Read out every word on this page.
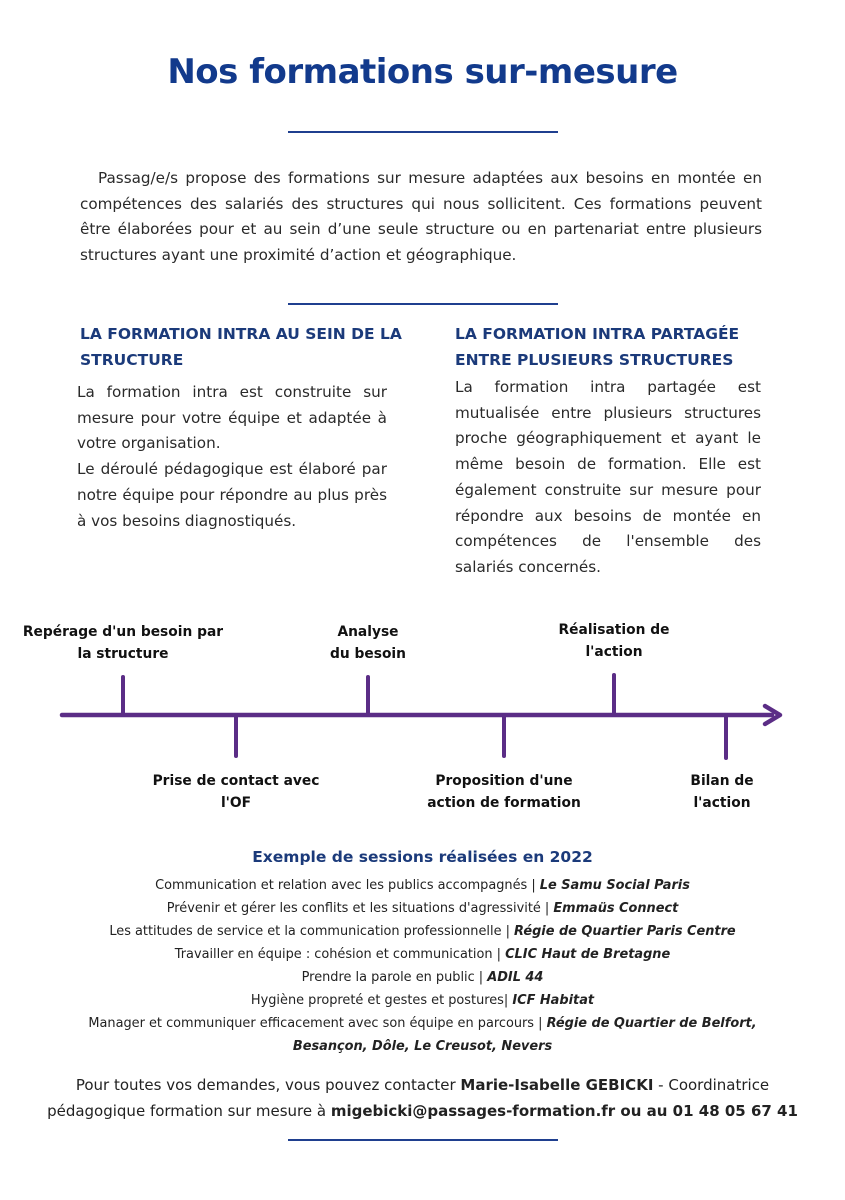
Nos formations sur-mesure

Passag/e/s propose des formations sur mesure adaptées aux besoins en montée en compétences des salariés des structures qui nous sollicitent. Ces formations peuvent être élaborées pour et au sein d’une seule structure ou en partenariat entre plusieurs structures ayant une proximité d’action et géographique.

LA FORMATION INTRA AU SEIN DE LA
STRUCTURE

La formation intra est construite sur mesure pour votre équipe et adaptée à votre organisation.

Le déroulé pédagogique est élaboré par notre équipe pour répondre au plus près à vos besoins diagnostiqués.

LA FORMATION INTRA PARTAGÉE
ENTRE PLUSIEURS STRUCTURES

La formation intra partagée est mutualisée entre plusieurs structures proche géographiquement et ayant le même besoin de formation. Elle est également construite sur mesure pour répondre aux besoins de montée en compétences de l'ensemble des salariés concernés.

Repérage d'un besoin par
la structure
Prise de contact avec
l'OF
Analyse
du besoin
Proposition d'une
action de formation
Réalisation de
l'action
Bilan de
l'action
Exemple de sessions réalisées en 2022
Communication et relation avec les publics accompagnés | Le Samu Social Paris
Prévenir et gérer les conflits et les situations d'agressivité | Emmaüs Connect
Les attitudes de service et la communication professionnelle | Régie de Quartier Paris Centre
Travailler en équipe : cohésion et communication | CLIC Haut de Bretagne
Prendre la parole en public | ADIL 44
Hygiène propreté et gestes et postures| ICF Habitat
Manager et communiquer efficacement avec son équipe en parcours | Régie de Quartier de Belfort,
Besançon, Dôle, Le Creusot, Nevers
Pour toutes vos demandes, vous pouvez contacter Marie-Isabelle GEBICKI - Coordinatrice pédagogique formation sur mesure à migebicki@passages-formation.fr ou au 01 48 05 67 41
